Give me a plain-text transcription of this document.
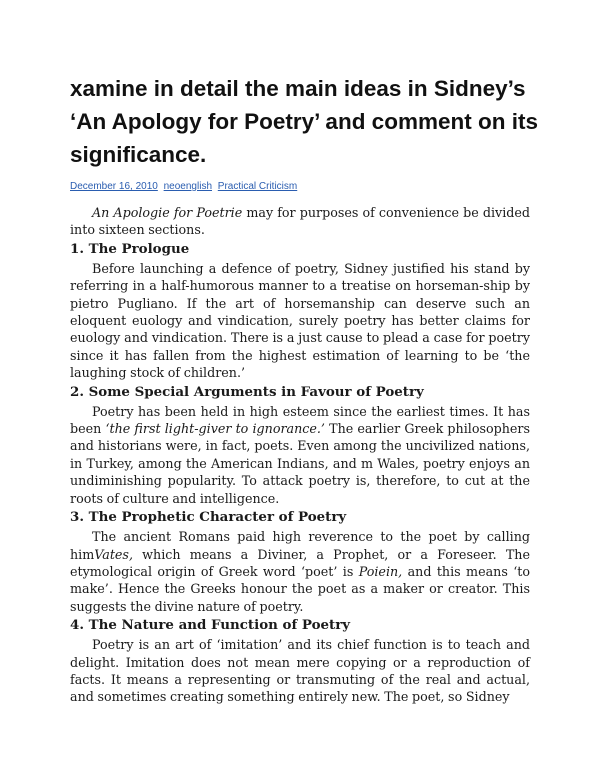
xamine in detail the main ideas in Sidney’s ‘An Apology for Poetry’ and comment on its significance.
December 16, 2010 neoenglish Practical Criticism

An Apologie for Poetrie may for purposes of convenience be divided into sixteen sections.

1. The Prologue

Before launching a defence of poetry, Sidney justified his stand by referring in a half-humorous manner to a treatise on horseman-ship by pietro Pugliano. If the art of horsemanship can deserve such an eloquent euology and vindication, surely poetry has better claims for euology and vindication. There is a just cause to plead a case for poetry since it has fallen from the highest estimation of learning to be ‘the laughing stock of children.’

2. Some Special Arguments in Favour of Poetry

Poetry has been held in high esteem since the earliest times. It has been ‘the first light-giver to ignorance.’ The earlier Greek philosophers and historians were, in fact, poets. Even among the uncivilized nations, in Turkey, among the American Indians, and m Wales, poetry enjoys an undiminishing popularity. To attack poetry is, therefore, to cut at the roots of culture and intelligence.

3. The Prophetic Character of Poetry

The ancient Romans paid high reverence to the poet by calling himVates, which means a Diviner, a Prophet, or a Foreseer. The etymological origin of Greek word ‘poet’ is Poiein, and this means ‘to make’. Hence the Greeks honour the poet as a maker or creator. This suggests the divine nature of poetry.

4. The Nature and Function of Poetry

Poetry is an art of ‘imitation’ and its chief function is to teach and delight. Imitation does not mean mere copying or a reproduction of facts. It means a representing or transmuting of the real and actual, and sometimes creating something entirely new. The poet, so Sidney
